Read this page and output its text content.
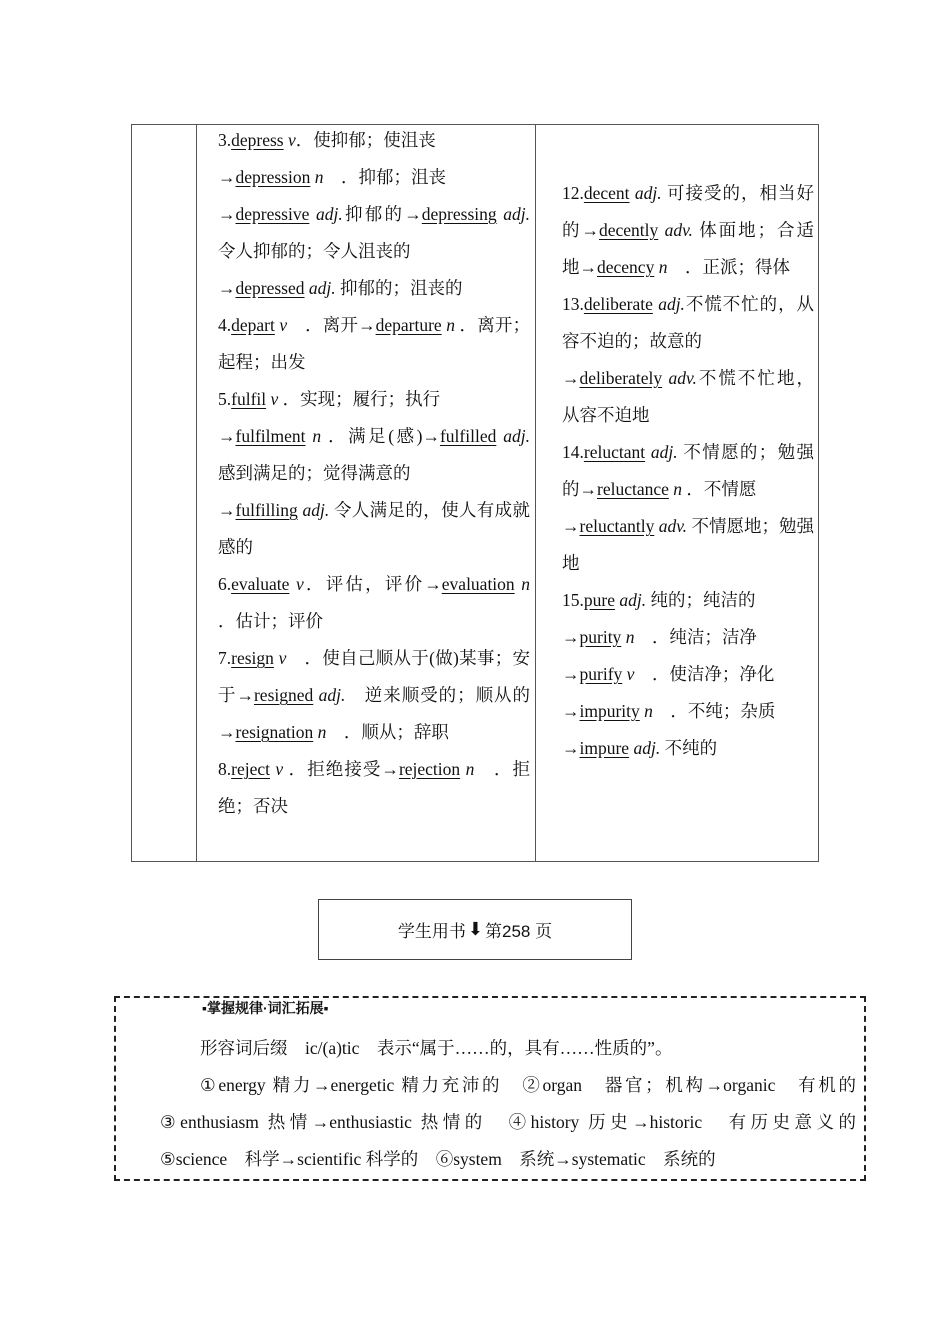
3.depress v．使抑郁；使沮丧

→depression n　 ．抑郁；沮丧

→depressive adj.抑郁的→depressing adj. 令人抑郁的；令人沮丧的

→depressed adj. 抑郁的；沮丧的

4.depart v　 ．离开→departure n ．离开；起程；出发

5.fulfil v ．实现；履行；执行

→fulfilment n ．满足(感)→fulfilled adj. 感到满足的；觉得满意的

→fulfilling adj. 令人满足的，使人有成就感的

6.evaluate v．评估，评价→evaluation n ．估计；评价

7.resign v　 ．使自己顺从于(做)某事；安于→resigned adj.　 逆来顺受的；顺从的→resignation n　 ．顺从；辞职

8.reject v ．拒绝接受→rejection n　 ．拒绝；否决

12.decent adj. 可接受的，相当好的→decently adv. 体面地；合适地→decency n　 ．正派；得体

13.deliberate adj.不慌不忙的，从容不迫的；故意的

→deliberately adv.不慌不忙地，从容不迫地

14.reluctant adj. 不情愿的；勉强的→reluctance n ．不情愿

→reluctantly adv. 不情愿地；勉强地

15.pure adj. 纯的；纯洁的

→purity n　 ．纯洁；洁净

→purify v　 ．使洁净；净化

→impurity n　 ．不纯；杂质

→impure adj. 不纯的

学生用书 ⬇ 第258 页
▪掌握规律·词汇拓展▪

形容词后缀　ic/(a)tic　表示“属于……的，具有……性质的”。

①energy 精力→energetic 精力充沛的　②organ　器官；机构→organic　有机的

③enthusiasm 热情→enthusiastic 热情的　④history 历史→historic　有历史意义的

⑤science　科学→scientific 科学的　⑥system　系统→systematic　系统的
